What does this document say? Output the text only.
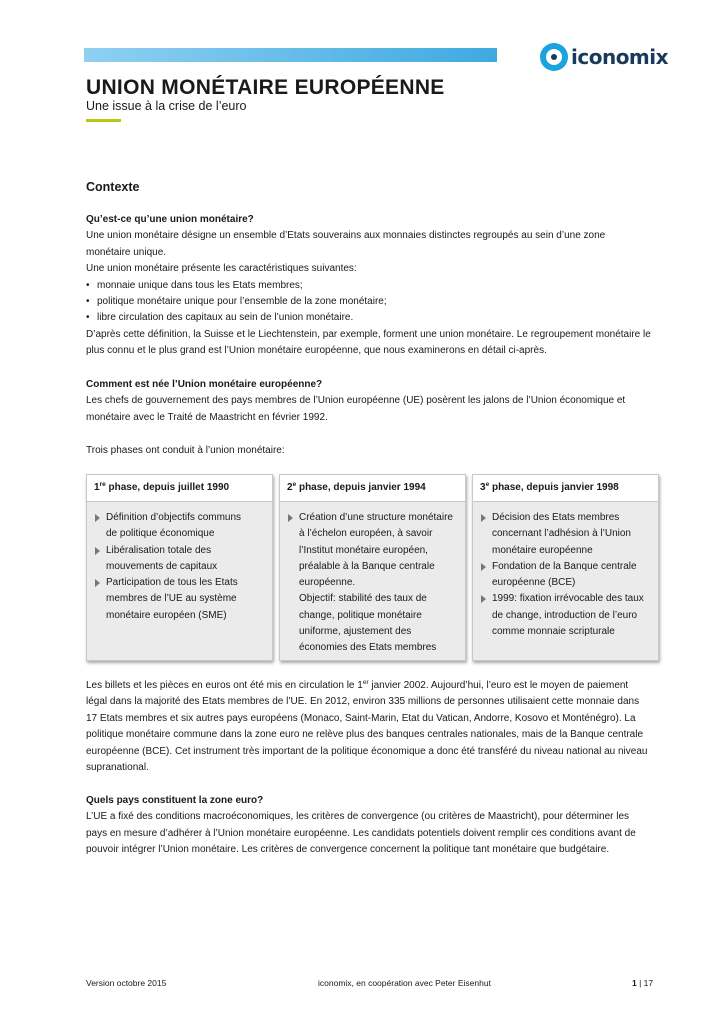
iconomix
UNION MONÉTAIRE EUROPÉENNE

Une issue à la crise de l’euro

Contexte

Qu’est-ce qu’une union monétaire?

Une union monétaire désigne un ensemble d’Etats souverains aux monnaies distinctes regroupés au sein d’une zone monétaire unique.

Une union monétaire présente les caractéristiques suivantes:

• monnaie unique dans tous les Etats membres;
• politique monétaire unique pour l’ensemble de la zone monétaire;
• libre circulation des capitaux au sein de l’union monétaire.

D’après cette définition, la Suisse et le Liechtenstein, par exemple, forment une union monétaire. Le regroupement monétaire le plus connu et le plus grand est l’Union monétaire européenne, que nous examinerons en détail ci-après.

Comment est née l’Union monétaire européenne?

Les chefs de gouvernement des pays membres de l’Union européenne (UE) posèrent les jalons de l’Union économique et monétaire avec le Traité de Maastricht en février 1992.

Trois phases ont conduit à l’union monétaire:

1re phase, depuis juillet 1990
Définition d’objectifs communs
de politique économique
Libéralisation totale des
mouvements de capitaux
Participation de tous les Etats
membres de l’UE au système
monétaire européen (SME)
2e phase, depuis janvier 1994
Création d’une structure monétaire
à l’échelon européen, à savoir
l’Institut monétaire européen,
préalable à la Banque centrale
européenne.
Objectif: stabilité des taux de
change, politique monétaire
uniforme, ajustement des
économies des Etats membres
3e phase, depuis janvier 1998
Décision des Etats membres
concernant l’adhésion à l’Union
monétaire européenne
Fondation de la Banque centrale
européenne (BCE)
1999: fixation irrévocable des taux
de change, introduction de l’euro
comme monnaie scripturale

Les billets et les pièces en euros ont été mis en circulation le 1er janvier 2002. Aujourd’hui, l’euro est le moyen de paiement légal dans la majorité des Etats membres de l’UE. En 2012, environ 335 millions de personnes utilisaient cette monnaie dans 17 Etats membres et six autres pays européens (Monaco, Saint-Marin, Etat du Vatican, Andorre, Kosovo et Monténégro). La politique monétaire commune dans la zone euro ne relève plus des banques centrales nationales, mais de la Banque centrale européenne (BCE). Cet instrument très important de la politique économique a donc été transféré du niveau national au niveau supranational.

Quels pays constituent la zone euro?

L’UE a fixé des conditions macroéconomiques, les critères de convergence (ou critères de Maastricht), pour déterminer les pays en mesure d’adhérer à l’Union monétaire européenne. Les candidats potentiels doivent remplir ces conditions avant de pouvoir intégrer l’Union monétaire. Les critères de convergence concernent la politique tant monétaire que budgétaire.

Version octobre 2015	iconomix, en coopération avec Peter Eisenhut	1 | 17
